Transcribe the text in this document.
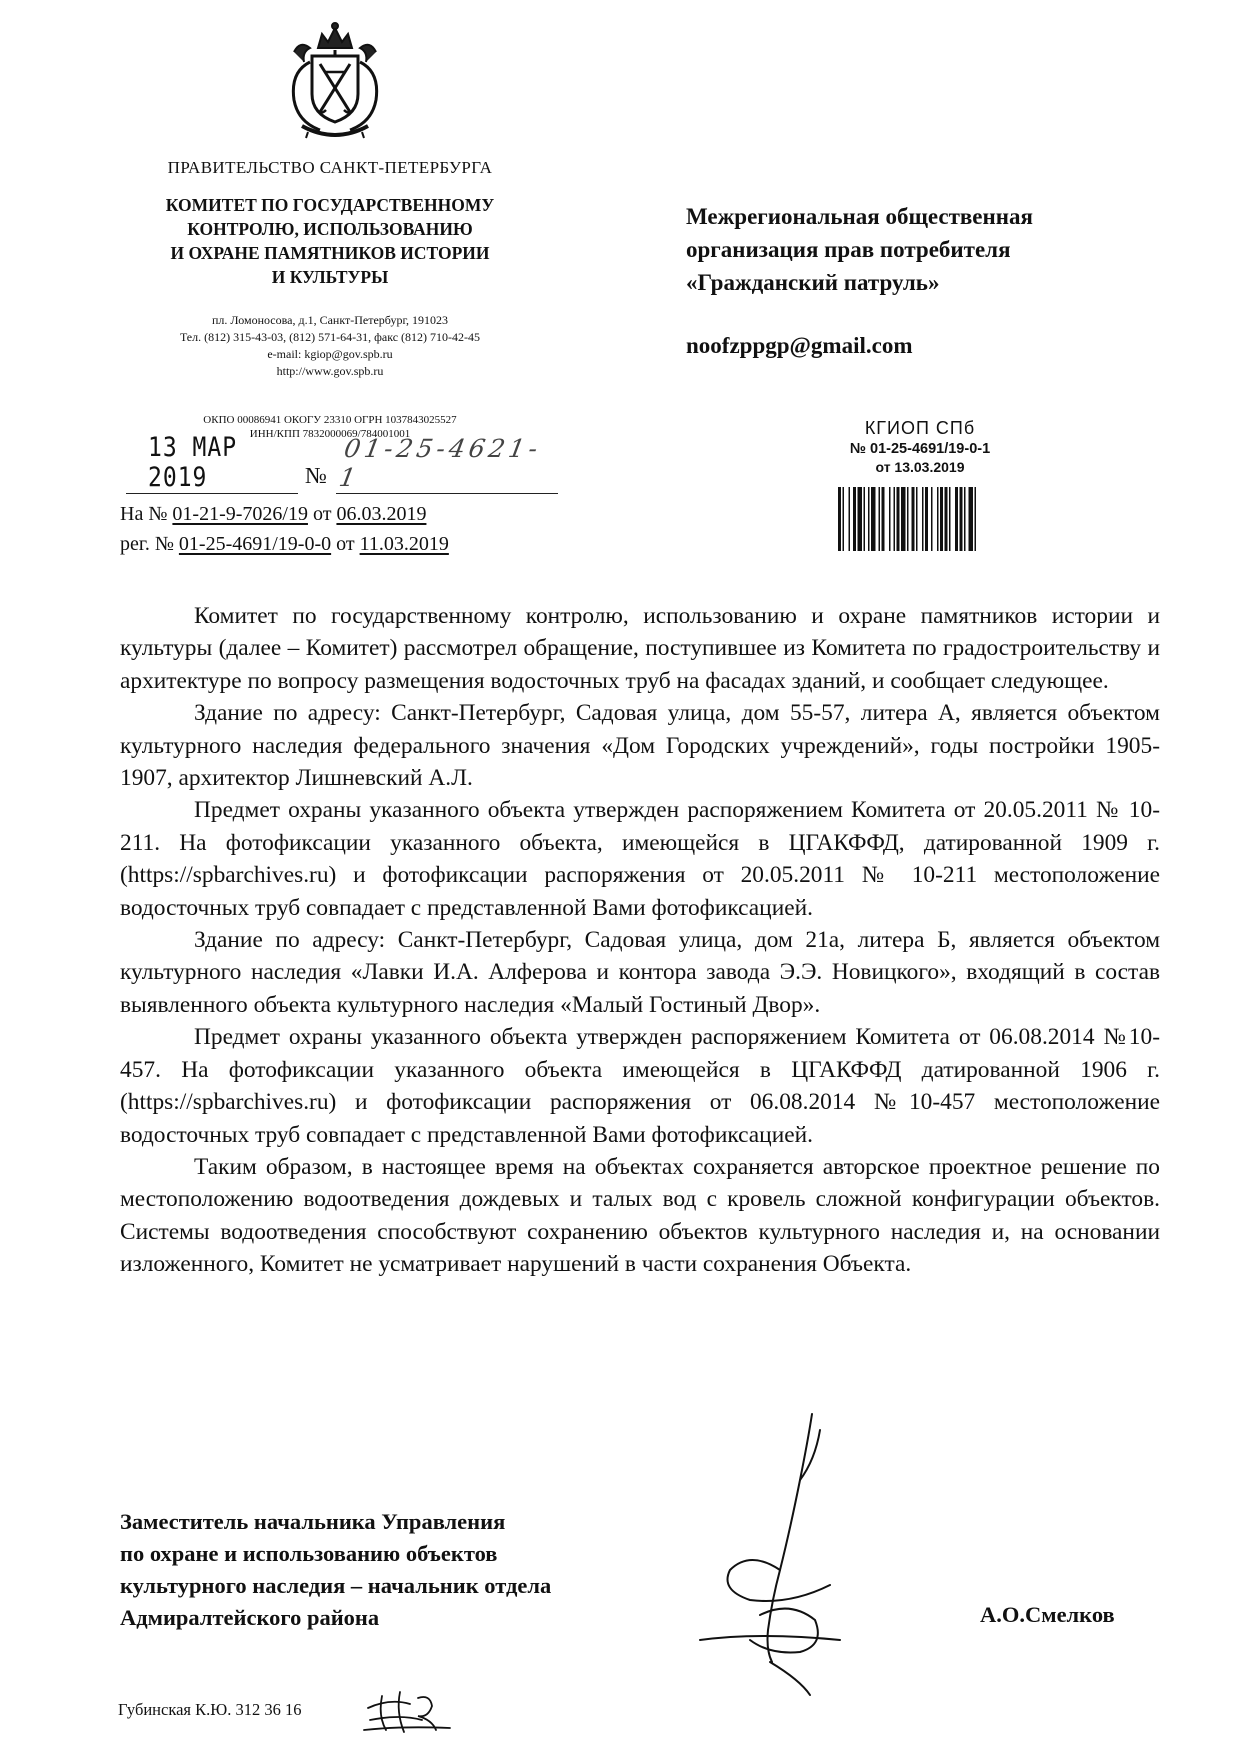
ПРАВИТЕЛЬСТВО САНКТ-ПЕТЕРБУРГА
КОМИТЕТ ПО ГОСУДАРСТВЕННОМУ
КОНТРОЛЮ, ИСПОЛЬЗОВАНИЮ
И ОХРАНЕ ПАМЯТНИКОВ ИСТОРИИ
И КУЛЬТУРЫ
пл. Ломоносова, д.1, Санкт-Петербург, 191023
Тел. (812) 315-43-03, (812) 571-64-31, факс (812) 710-42-45
e-mail: kgiop@gov.spb.ru
http://www.gov.spb.ru
ОКПО 00086941 ОКОГУ 23310 ОГРН 1037843025527
ИНН/КПП 7832000069/784001001
13 MAP 2019	№
01-25-4621-1
На № 01-21-9-7026/19 от 06.03.2019
рег. № 01-25-4691/19-0-0 от 11.03.2019
Межрегиональная общественная
организация прав потребителя
«Гражданский патруль»
noofzppgp@gmail.com
КГИОП СПб
№ 01-25-4691/19-0-1
от 13.03.2019

Комитет по государственному контролю, использованию и охране памятников истории и культуры (далее – Комитет) рассмотрел обращение, поступившее из Комитета по градостроительству и архитектуре по вопросу размещения водосточных труб на фасадах зданий, и сообщает следующее.

Здание по адресу: Санкт-Петербург, Садовая улица, дом 55-57, литера А, является объектом культурного наследия федерального значения «Дом Городских учреждений», годы постройки 1905-1907, архитектор Лишневский А.Л.

Предмет охраны указанного объекта утвержден распоряжением Комитета от 20.05.2011 № 10-211. На фотофиксации указанного объекта, имеющейся в ЦГАКФФД, датированной 1909 г. (https://spbarchives.ru) и фотофиксации распоряжения от 20.05.2011 № 10-211 местоположение водосточных труб совпадает с представленной Вами фотофиксацией.

Здание по адресу: Санкт-Петербург, Садовая улица, дом 21а, литера Б, является объектом культурного наследия «Лавки И.А. Алферова и контора завода Э.Э. Новицкого», входящий в состав выявленного объекта культурного наследия «Малый Гостиный Двор».

Предмет охраны указанного объекта утвержден распоряжением Комитета от 06.08.2014 №10-457. На фотофиксации указанного объекта имеющейся в ЦГАКФФД датированной 1906 г. (https://spbarchives.ru) и фотофиксации распоряжения от 06.08.2014 №10-457 местоположение водосточных труб совпадает с представленной Вами фотофиксацией.

Таким образом, в настоящее время на объектах сохраняется авторское проектное решение по местоположению водоотведения дождевых и талых вод с кровель сложной конфигурации объектов. Системы водоотведения способствуют сохранению объектов культурного наследия и, на основании изложенного, Комитет не усматривает нарушений в части сохранения Объекта.

Заместитель начальника Управления
по охране и использованию объектов
культурного наследия – начальник отдела
Адмиралтейского района	А.О.Смелков
Губинская К.Ю. 312 36 16
